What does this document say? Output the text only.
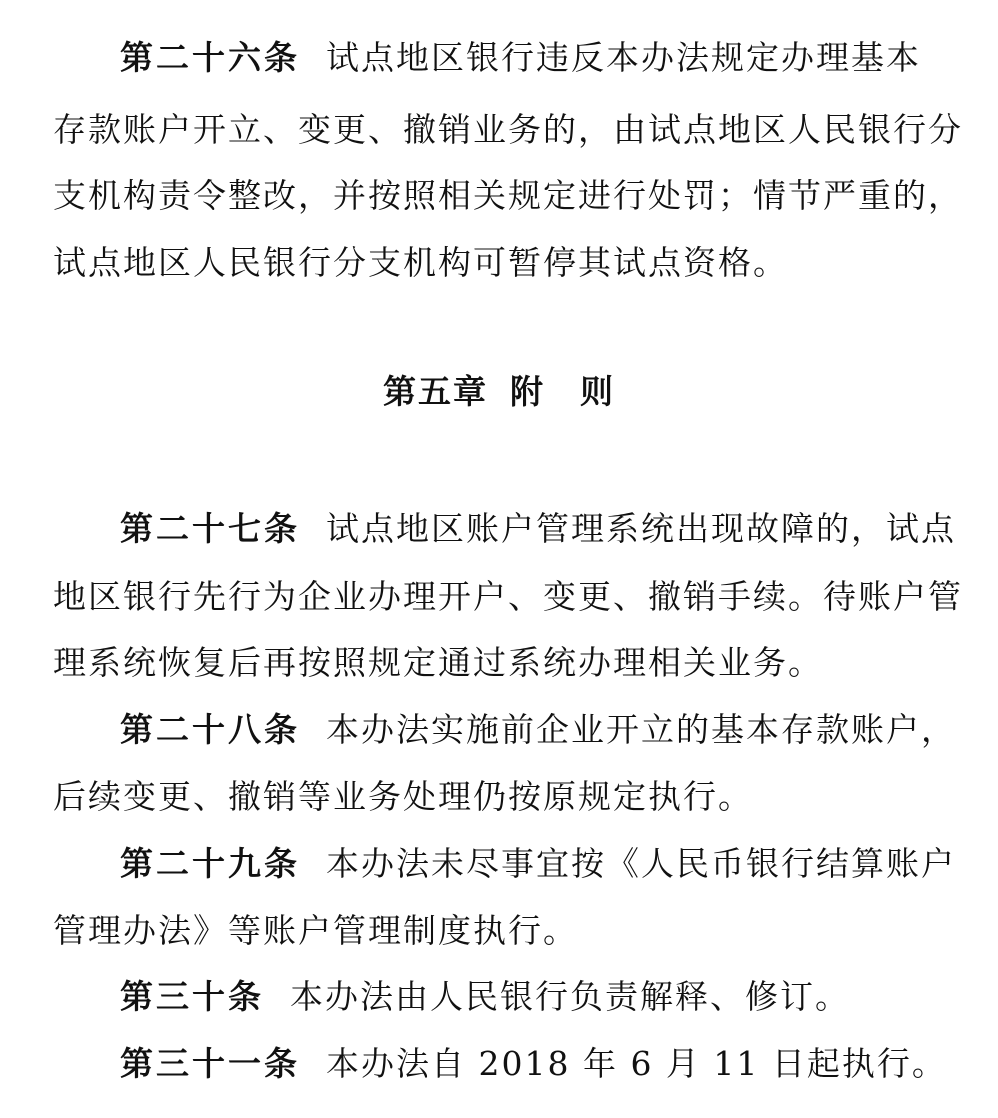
第二十六条 试点地区银行违反本办法规定办理基本
存款账户开立、变更、撤销业务的，由试点地区人民银行分
支机构责令整改，并按照相关规定进行处罚；情节严重的，
试点地区人民银行分支机构可暂停其试点资格。
第五章 附　则
第二十七条 试点地区账户管理系统出现故障的，试点
地区银行先行为企业办理开户、变更、撤销手续。待账户管
理系统恢复后再按照规定通过系统办理相关业务。
第二十八条 本办法实施前企业开立的基本存款账户，
后续变更、撤销等业务处理仍按原规定执行。
第二十九条 本办法未尽事宜按《人民币银行结算账户
管理办法》等账户管理制度执行。
第三十条 本办法由人民银行负责解释、修订。
第三十一条 本办法自 2018 年 6 月 11 日起执行。
